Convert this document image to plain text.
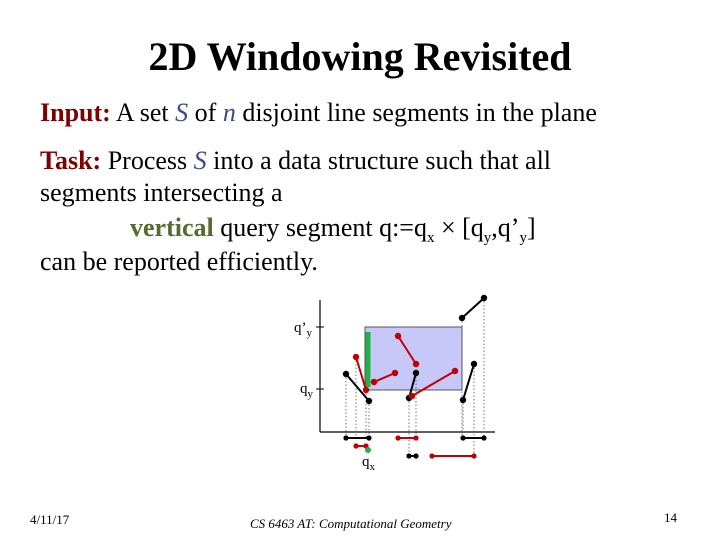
2D Windowing Revisited
Input: A set S of n disjoint line segments in the plane
Task: Process S into a data structure such that all
segments intersecting a
vertical query segment $q:=q_x$ × $[q_y,q’_y]$
can be reported efficiently.
$q’_y$
$q_y$
$q_x$
4/11/17	CS 6463 AT: Computational Geometry	14
